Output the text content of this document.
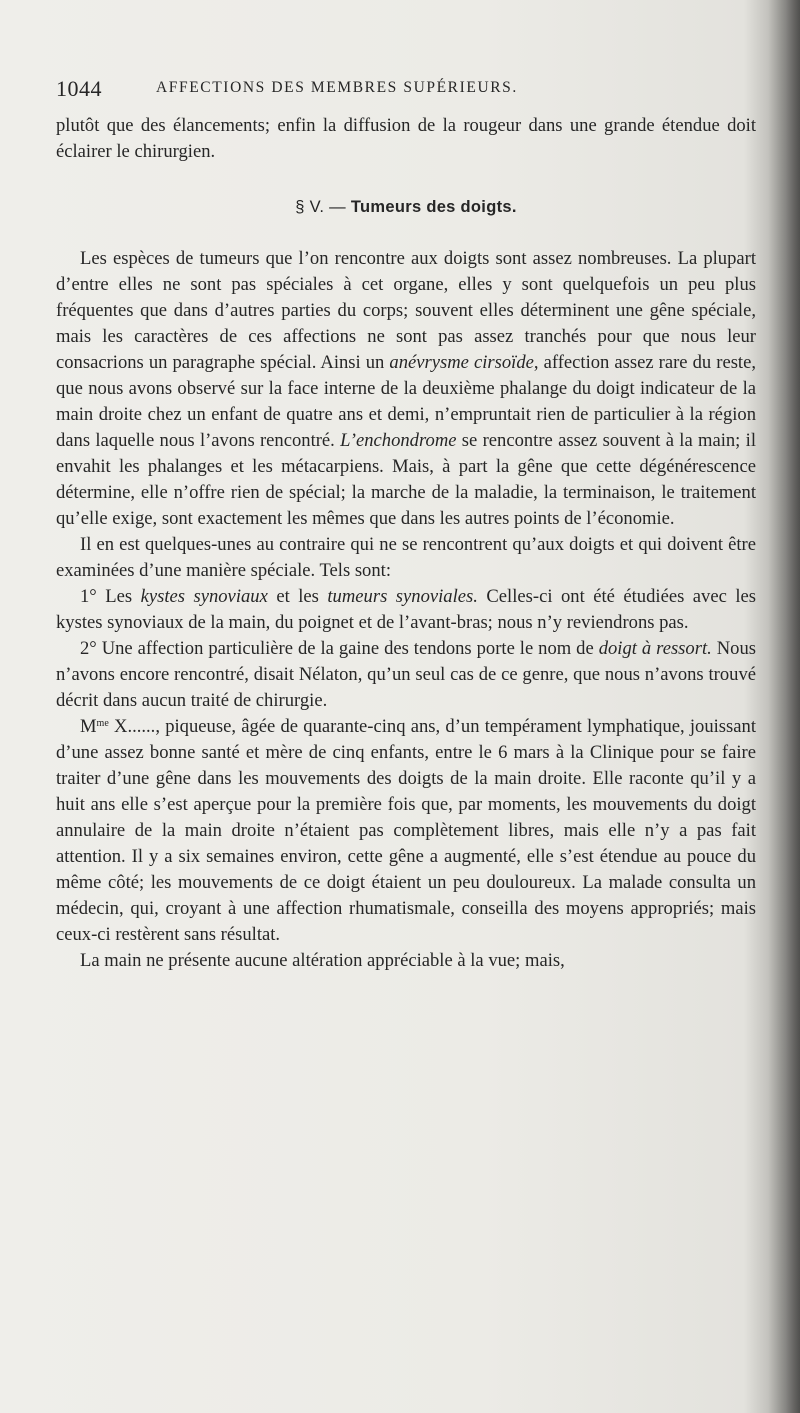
1044	AFFECTIONS DES MEMBRES SUPÉRIEURS.

plutôt que des élancements; enfin la diffusion de la rougeur dans une grande étendue doit éclairer le chirurgien.

§ V. — Tumeurs des doigts.

Les espèces de tumeurs que l’on rencontre aux doigts sont assez nombreuses. La plupart d’entre elles ne sont pas spéciales à cet organe, elles y sont quelquefois un peu plus fréquentes que dans d’autres parties du corps; souvent elles déterminent une gêne spéciale, mais les caractères de ces affections ne sont pas assez tranchés pour que nous leur consacrions un paragraphe spécial. Ainsi un anévrysme cirsoïde, affection assez rare du reste, que nous avons observé sur la face interne de la deuxième phalange du doigt indicateur de la main droite chez un enfant de quatre ans et demi, n’empruntait rien de particulier à la région dans laquelle nous l’avons rencontré. L’enchondrome se rencontre assez souvent à la main; il envahit les phalanges et les métacarpiens. Mais, à part la gêne que cette dégénérescence détermine, elle n’offre rien de spécial; la marche de la maladie, la terminaison, le traitement qu’elle exige, sont exactement les mêmes que dans les autres points de l’économie.

Il en est quelques-unes au contraire qui ne se rencontrent qu’aux doigts et qui doivent être examinées d’une manière spéciale. Tels sont:

1° Les kystes synoviaux et les tumeurs synoviales. Celles-ci ont été étudiées avec les kystes synoviaux de la main, du poignet et de l’avant-bras; nous n’y reviendrons pas.

2° Une affection particulière de la gaine des tendons porte le nom de doigt à ressort. Nous n’avons encore rencontré, disait Nélaton, qu’un seul cas de ce genre, que nous n’avons trouvé décrit dans aucun traité de chirurgie.

$M^{me}$ X......, piqueuse, âgée de quarante-cinq ans, d’un tempérament lymphatique, jouissant d’une assez bonne santé et mère de cinq enfants, entre le 6 mars à la Clinique pour se faire traiter d’une gêne dans les mouvements des doigts de la main droite. Elle raconte qu’il y a huit ans elle s’est aperçue pour la première fois que, par moments, les mouvements du doigt annulaire de la main droite n’étaient pas complètement libres, mais elle n’y a pas fait attention. Il y a six semaines environ, cette gêne a augmenté, elle s’est étendue au pouce du même côté; les mouvements de ce doigt étaient un peu douloureux. La malade consulta un médecin, qui, croyant à une affection rhumatismale, conseilla des moyens appropriés; mais ceux-ci restèrent sans résultat.

La main ne présente aucune altération appréciable à la vue; mais,
